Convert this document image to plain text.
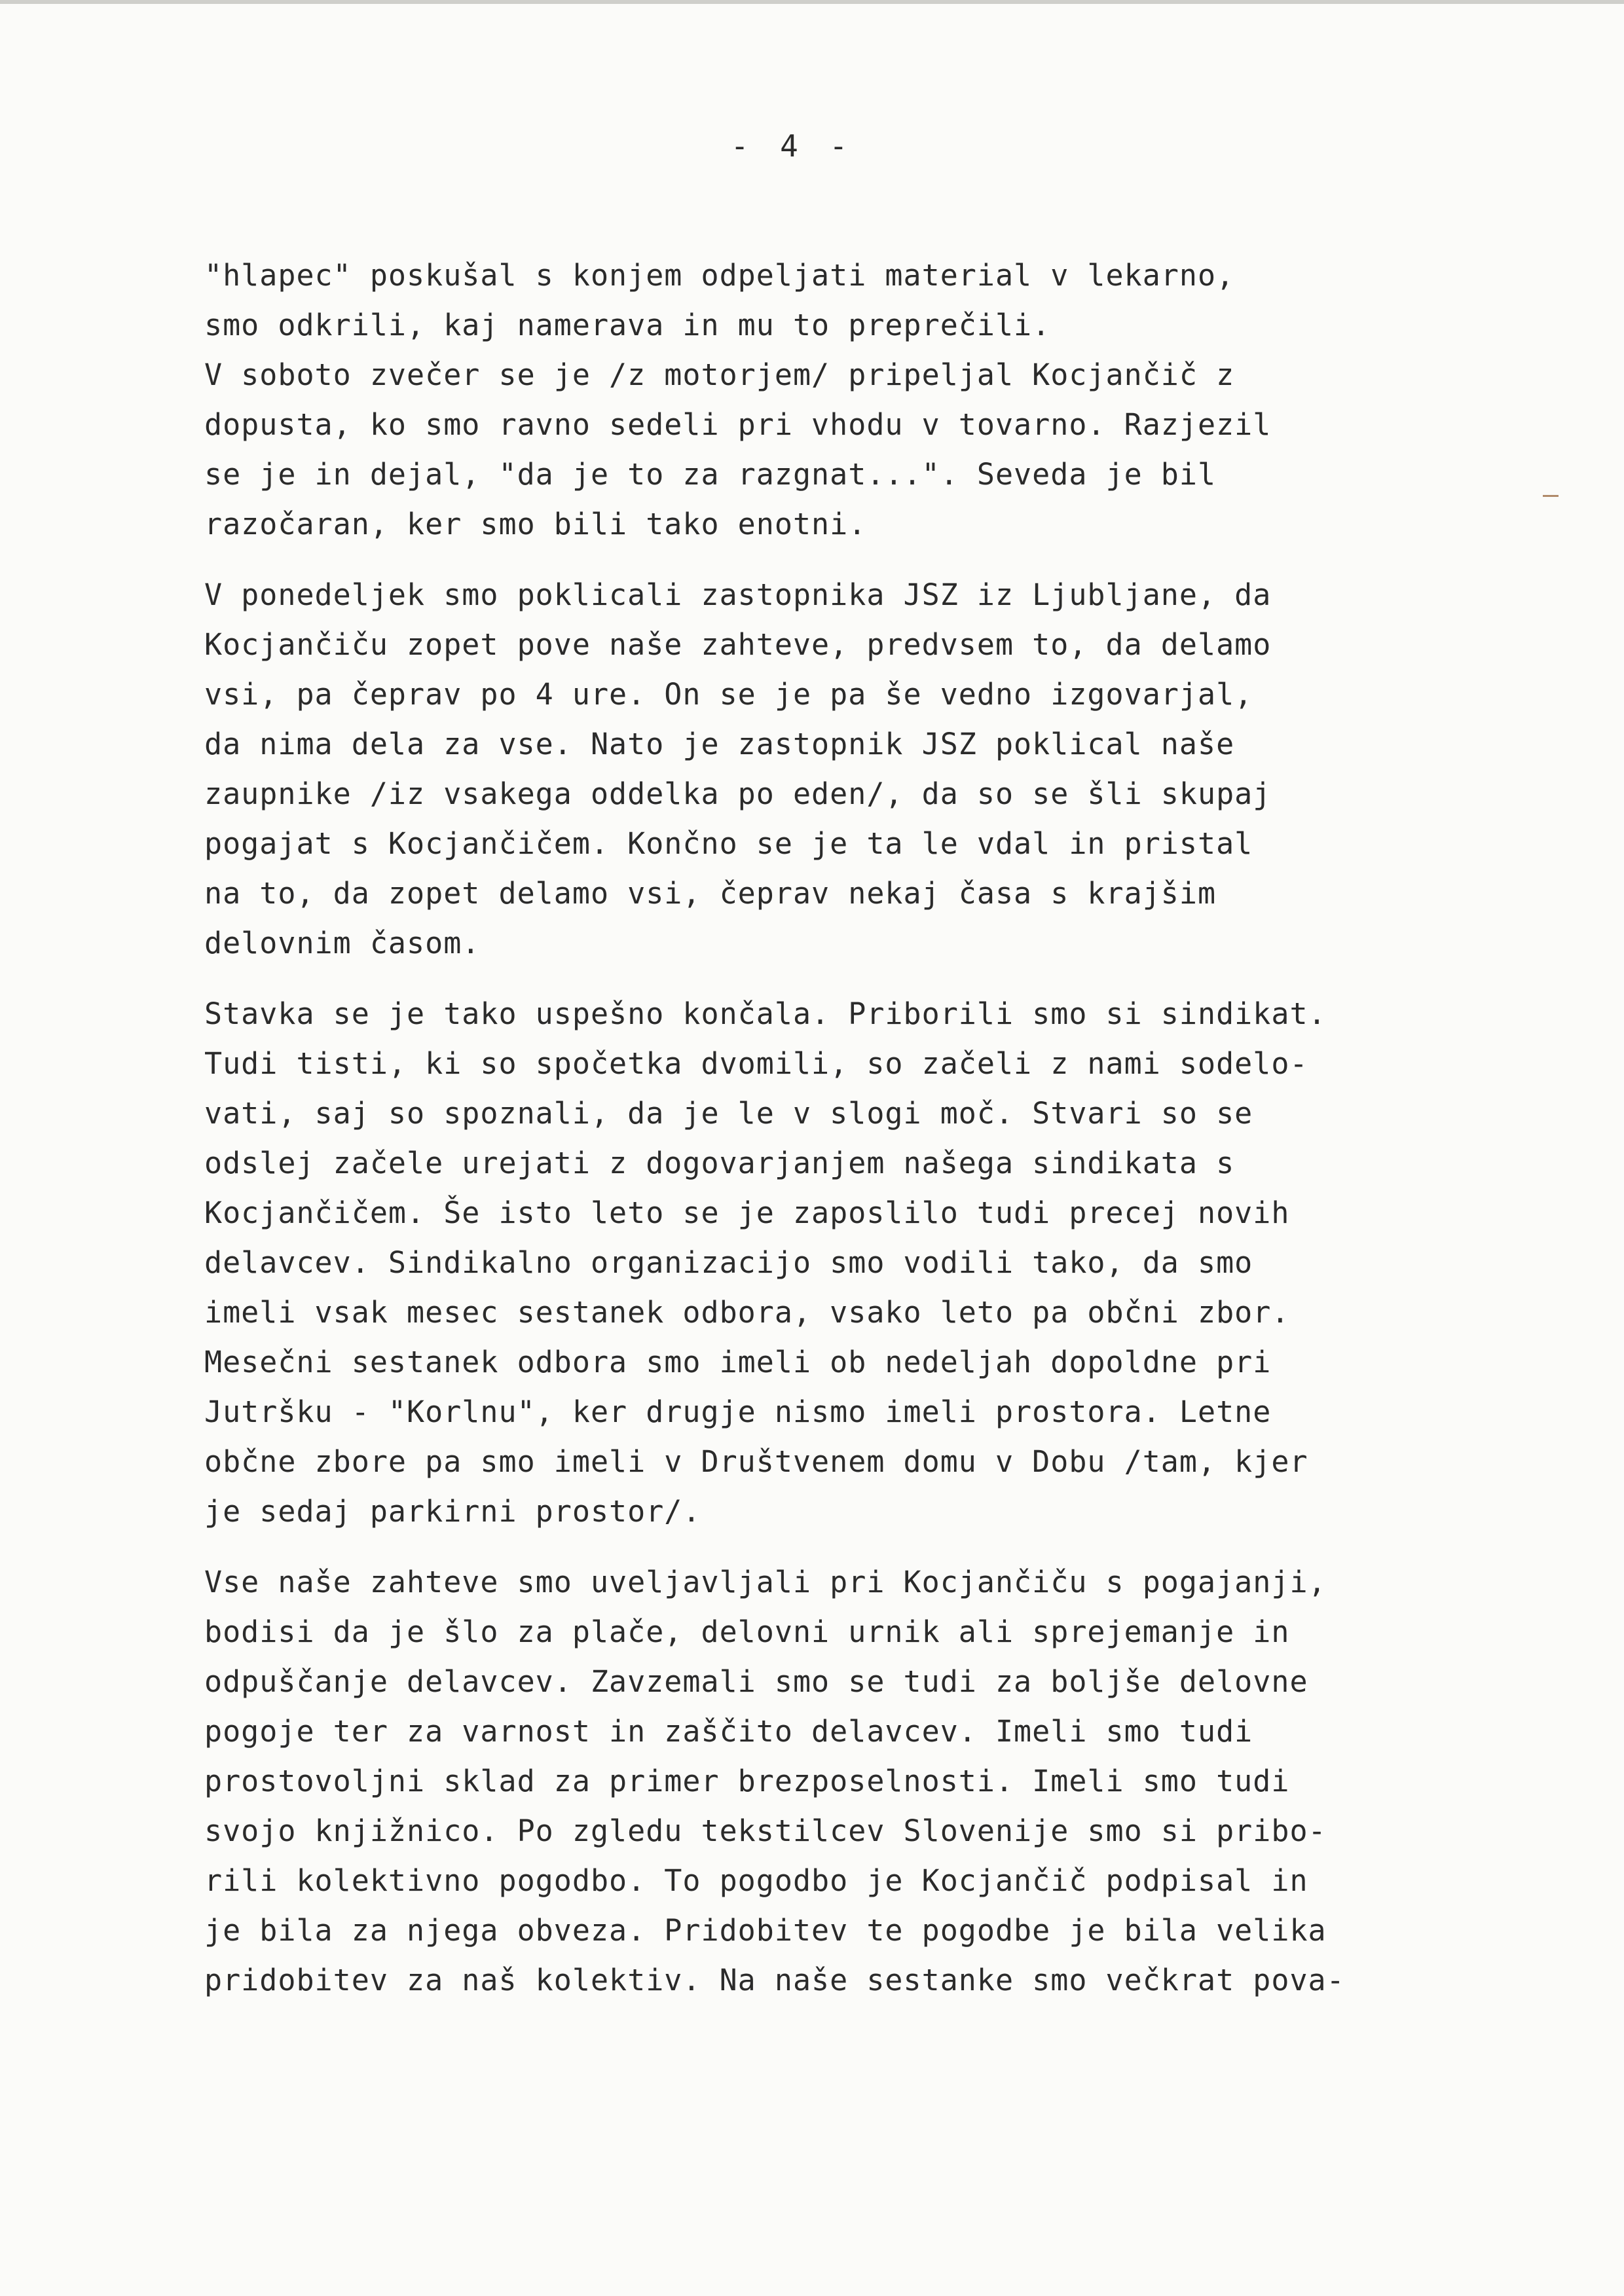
- 4 -

"hlapec" poskušal s konjem odpeljati material v lekarno,
smo odkrili, kaj namerava in mu to preprečili.
V soboto zvečer se je /z motorjem/ pripeljal Kocjančič z
dopusta, ko smo ravno sedeli pri vhodu v tovarno. Razjezil
se je in dejal, "da je to za razgnat...". Seveda je bil
razočaran, ker smo bili tako enotni.

V ponedeljek smo poklicali zastopnika JSZ iz Ljubljane, da
Kocjančiču zopet pove naše zahteve, predvsem to, da delamo
vsi, pa čeprav po 4 ure. On se je pa še vedno izgovarjal,
da nima dela za vse. Nato je zastopnik JSZ poklical naše
zaupnike /iz vsakega oddelka po eden/, da so se šli skupaj
pogajat s Kocjančičem. Končno se je ta le vdal in pristal
na to, da zopet delamo vsi, čeprav nekaj časa s krajšim
delovnim časom.

Stavka se je tako uspešno končala. Priborili smo si sindikat.
Tudi tisti, ki so spočetka dvomili, so začeli z nami sodelo-
vati, saj so spoznali, da je le v slogi moč. Stvari so se
odslej začele urejati z dogovarjanjem našega sindikata s
Kocjančičem. Še isto leto se je zaposlilo tudi precej novih
delavcev. Sindikalno organizacijo smo vodili tako, da smo
imeli vsak mesec sestanek odbora, vsako leto pa občni zbor.
Mesečni sestanek odbora smo imeli ob nedeljah dopoldne pri
Jutršku - "Korlnu", ker drugje nismo imeli prostora. Letne
občne zbore pa smo imeli v Društvenem domu v Dobu /tam, kjer
je sedaj parkirni prostor/.

Vse naše zahteve smo uveljavljali pri Kocjančiču s pogajanji,
bodisi da je šlo za plače, delovni urnik ali sprejemanje in
odpuščanje delavcev. Zavzemali smo se tudi za boljše delovne
pogoje ter za varnost in zaščito delavcev. Imeli smo tudi
prostovoljni sklad za primer brezposelnosti. Imeli smo tudi
svojo knjižnico. Po zgledu tekstilcev Slovenije smo si pribo-
rili kolektivno pogodbo. To pogodbo je Kocjančič podpisal in
je bila za njega obveza. Pridobitev te pogodbe je bila velika
pridobitev za naš kolektiv. Na naše sestanke smo večkrat pova-
